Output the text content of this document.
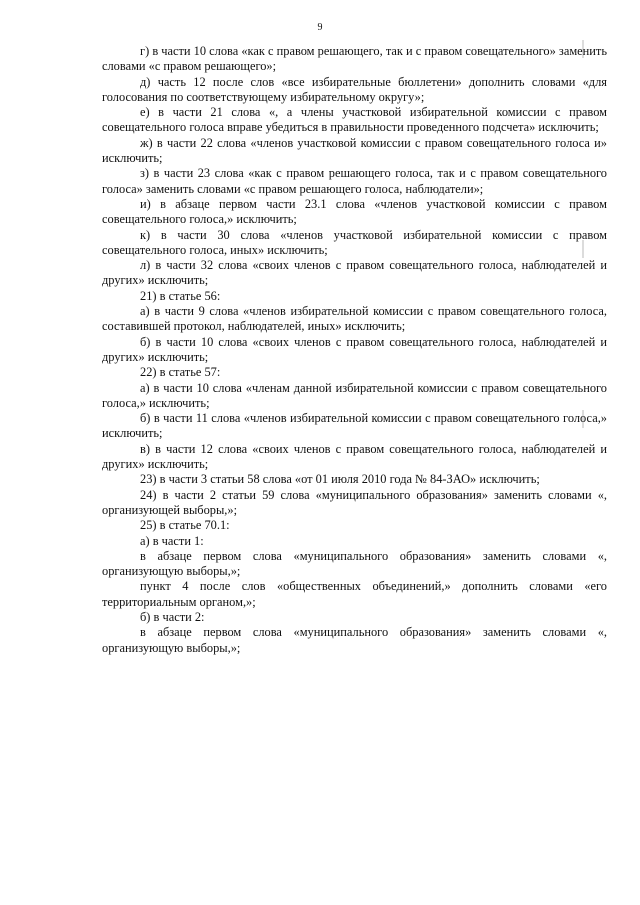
9

г) в части 10 слова «как с правом решающего, так и с правом совещательного» заменить словами «с правом решающего»;

д) часть 12 после слов «все избирательные бюллетени» дополнить словами «для голосования по соответствующему избирательному округу»;

е) в части 21 слова «, а члены участковой избирательной комиссии с правом совещательного голоса вправе убедиться в правильности проведенного подсчета» исключить;

ж) в части 22 слова «членов участковой комиссии с правом совещательного голоса и» исключить;

з) в части 23 слова «как с правом решающего голоса, так и с правом совещательного голоса» заменить словами «с правом решающего голоса, наблюдатели»;

и) в абзаце первом части 23.1 слова «членов участковой комиссии с правом совещательного голоса,» исключить;

к) в части 30 слова «членов участковой избирательной комиссии с правом совещательного голоса, иных» исключить;

л) в части 32 слова «своих членов с правом совещательного голоса, наблюдателей и других» исключить;

21) в статье 56:

а) в части 9 слова «членов избирательной комиссии с правом совещательного голоса, составившей протокол, наблюдателей, иных» исключить;

б) в части 10 слова «своих членов с правом совещательного голоса, наблюдателей и других» исключить;

22) в статье 57:

а) в части 10 слова «членам данной избирательной комиссии с правом совещательного голоса,» исключить;

б) в части 11 слова «членов избирательной комиссии с правом совещательного голоса,» исключить;

в) в части 12 слова «своих членов с правом совещательного голоса, наблюдателей и других» исключить;

23) в части 3 статьи 58 слова «от 01 июля 2010 года № 84-ЗАО» исключить;

24) в части 2 статьи 59 слова «муниципального образования» заменить словами «, организующей выборы,»;

25) в статье 70.1:

а) в части 1:

в абзаце первом слова «муниципального образования» заменить словами «, организующую выборы,»;

пункт 4 после слов «общественных объединений,» дополнить словами «его территориальным органом,»;

б) в части 2:

в абзаце первом слова «муниципального образования» заменить словами «, организующую выборы,»;
